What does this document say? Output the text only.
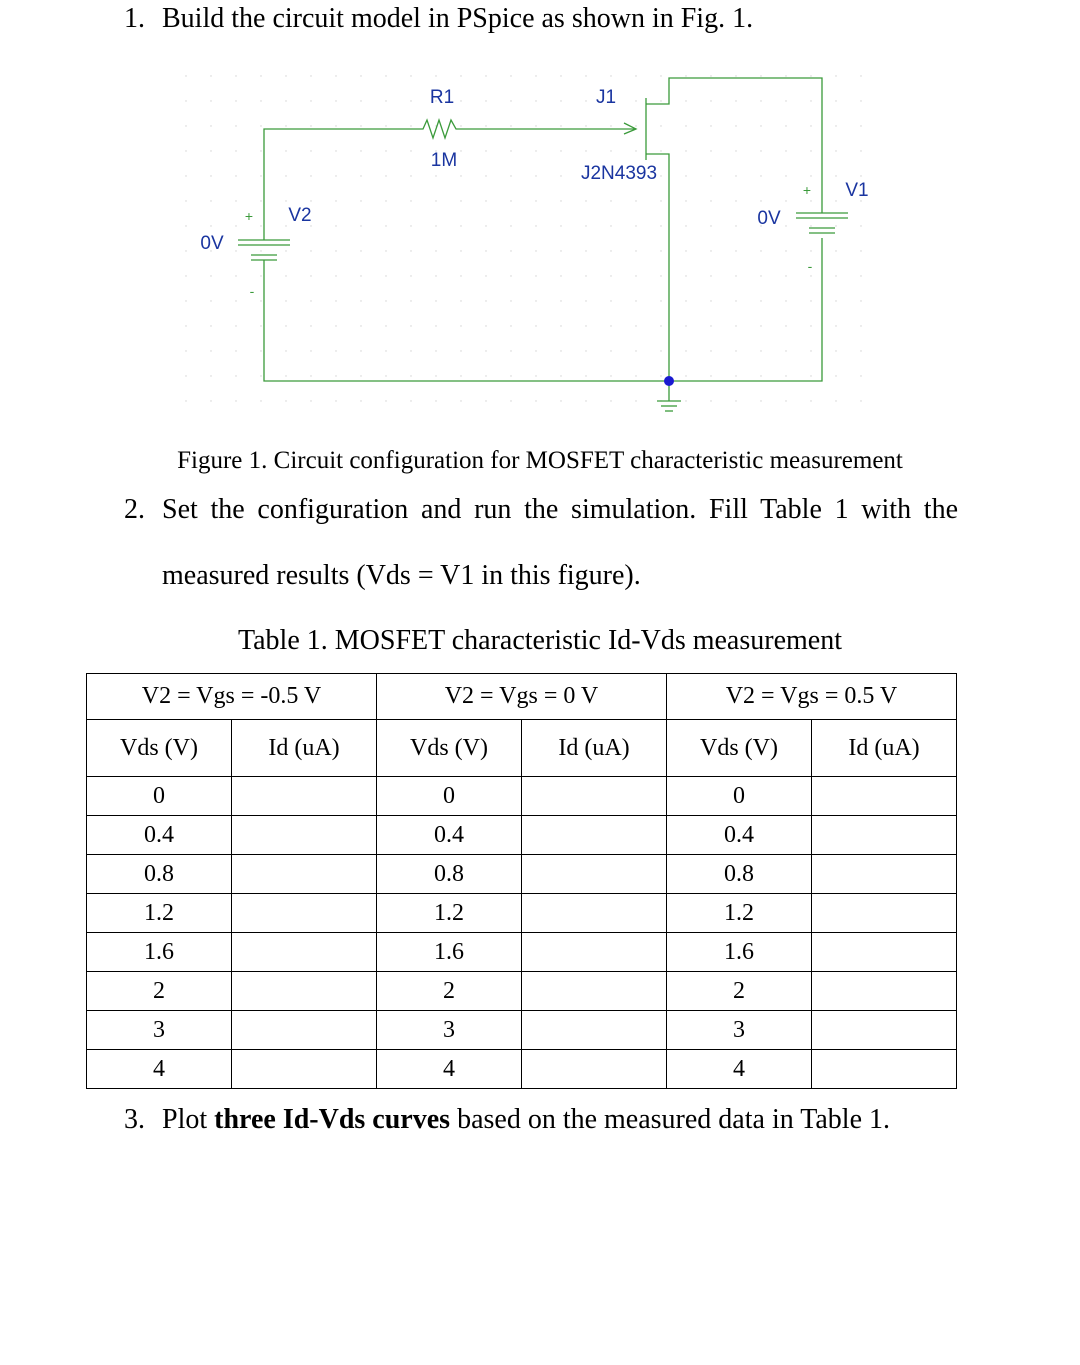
1. Build the circuit model in PSpice as shown in Fig. 1.
R1
1M
J1
J2N4393
+
-
V2
0V
+
-
V1
0V
Figure 1. Circuit configuration for MOSFET characteristic measurement
2. Set the configuration and run the simulation. Fill Table 1 with the measured results (Vds = V1 in this figure).
Table 1. MOSFET characteristic Id-Vds measurement
V2 = Vgs = -0.5 V		V2 = Vgs = 0 V		V2 = Vgs = 0.5 V	
Vds (V)	Id (uA)	Vds (V)	Id (uA)	Vds (V)	Id (uA)
0		0		0	
0.4		0.4		0.4	
0.8		0.8		0.8	
1.2		1.2		1.2	
1.6		1.6		1.6	
2		2		2	
3		3		3	
4		4		4	
3. Plot three Id-Vds curves based on the measured data in Table 1.
